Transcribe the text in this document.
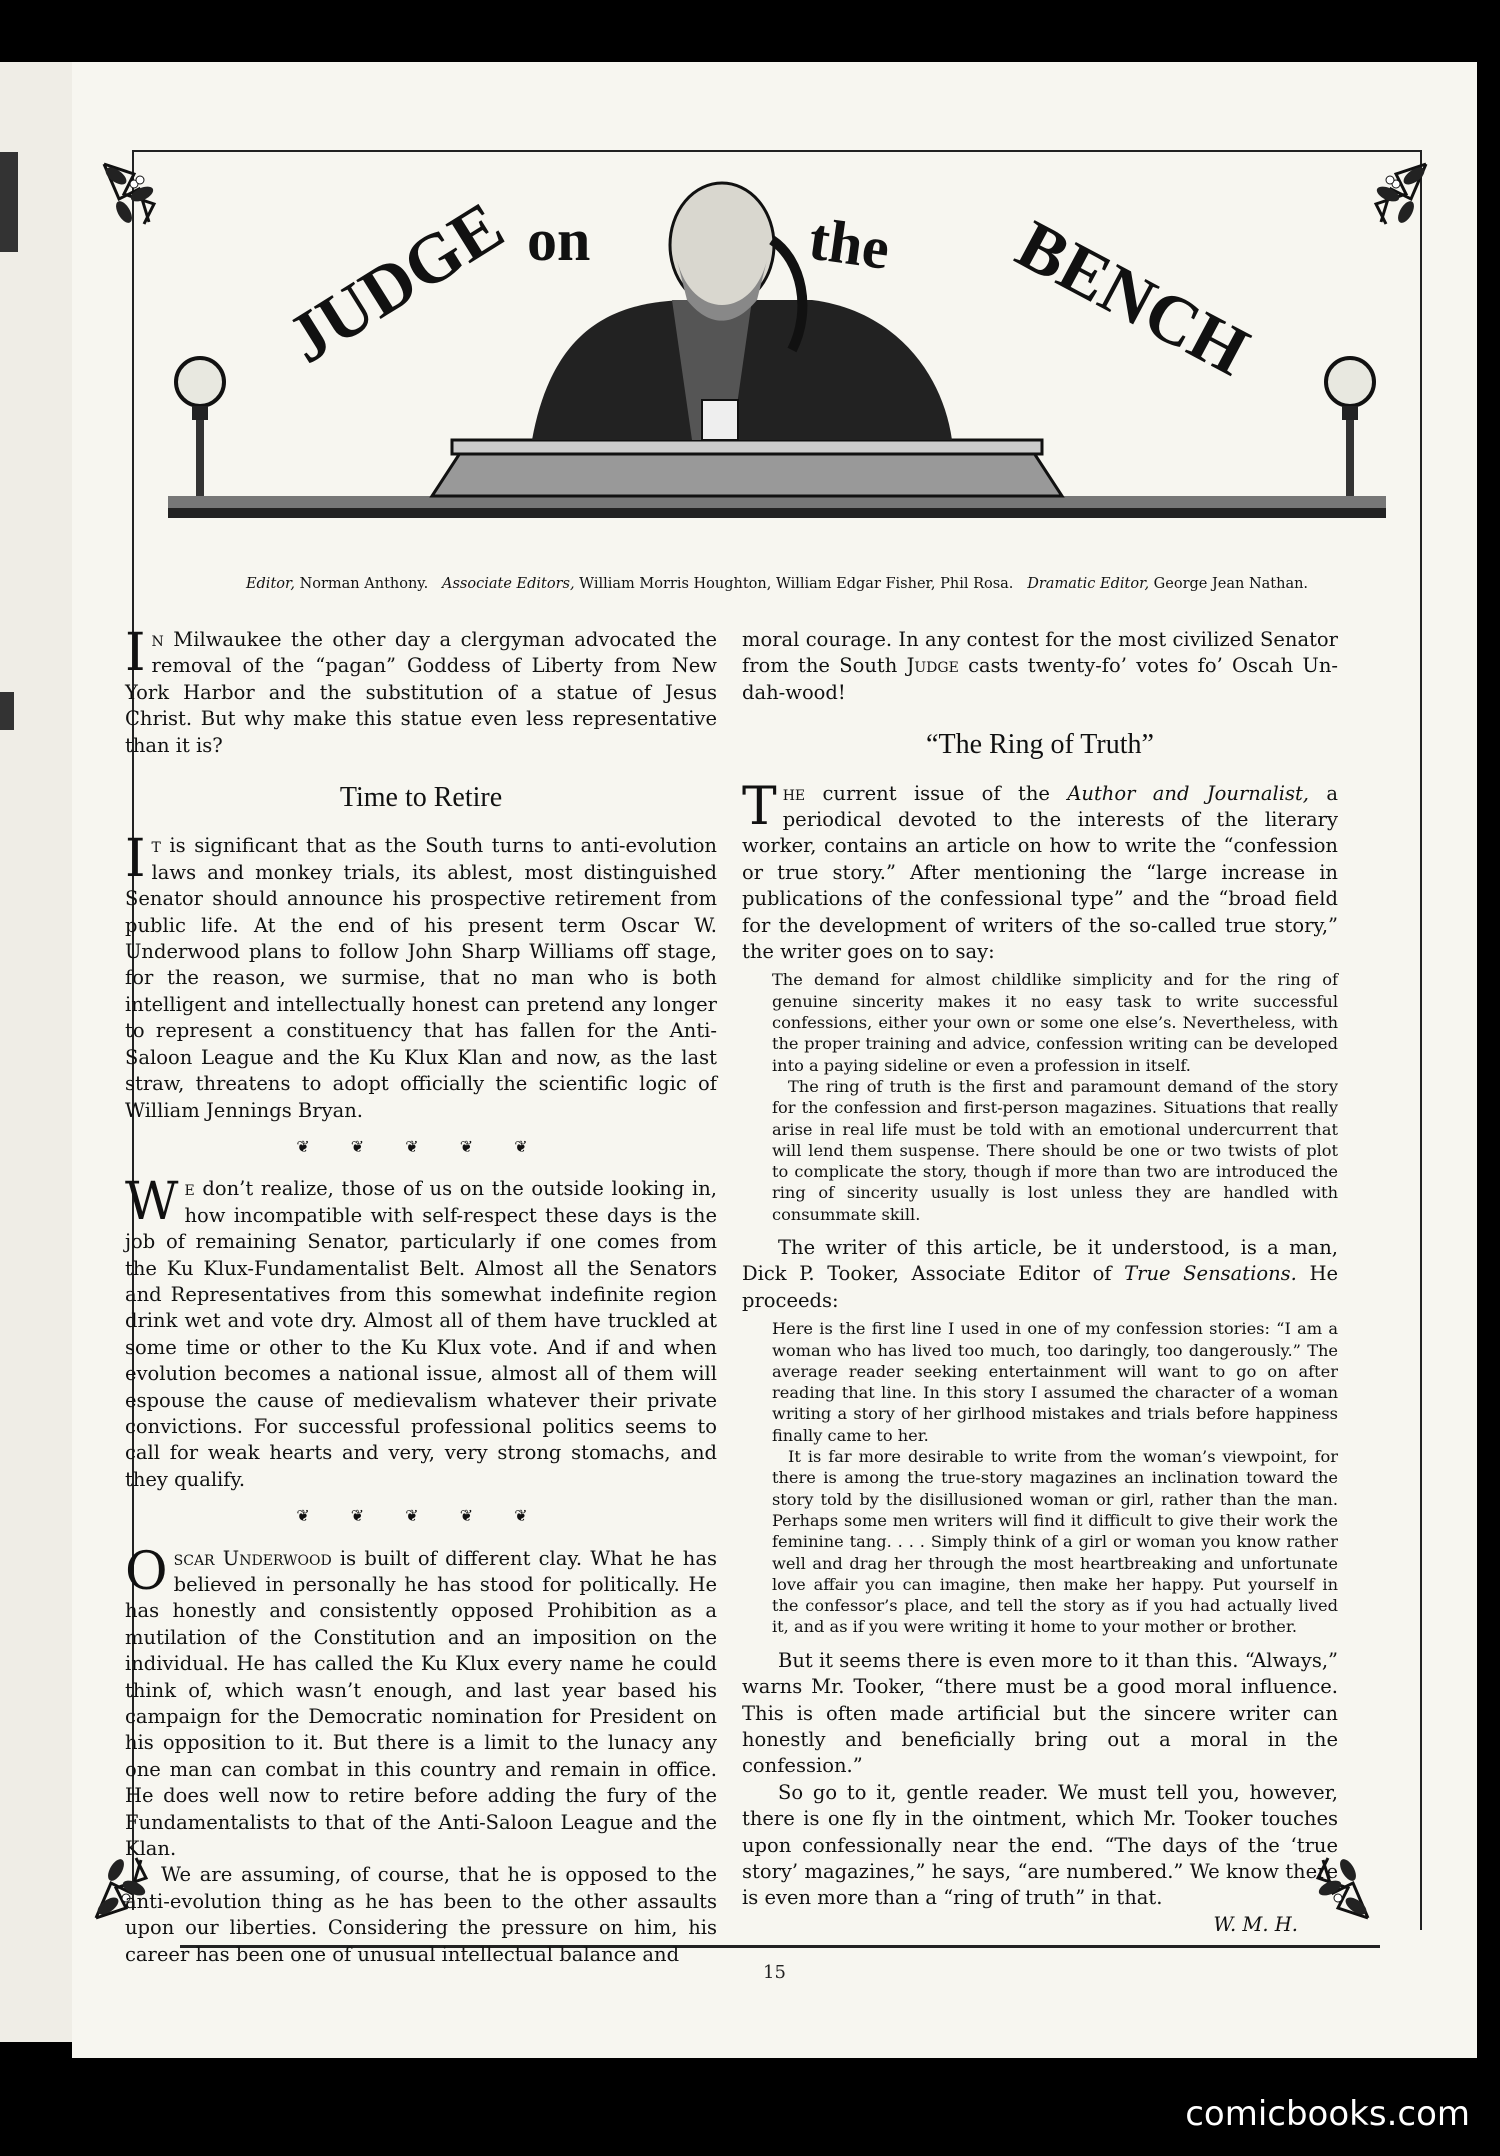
JUDGE on	the BENCH
Editor, Norman Anthony. Associate Editors, William Morris Houghton, William Edgar Fisher, Phil Rosa. Dramatic Editor, George Jean Nathan.

In Milwaukee the other day a clergyman advocated the removal of the “pagan” Goddess of Liberty from New York Harbor and the substitution of a statue of Jesus Christ. But why make this statue even less representative than it is?

Time to Retire

It is significant that as the South turns to anti-evolution laws and monkey trials, its ablest, most distinguished Senator should announce his prospective retirement from public life. At the end of his present term Oscar W. Underwood plans to follow John Sharp Williams off stage, for the reason, we surmise, that no man who is both intelligent and intellectually honest can pretend any longer to represent a constituency that has fallen for the Anti-Saloon League and the Ku Klux Klan and now, as the last straw, threatens to adopt officially the scientific logic of William Jennings Bryan.

❦ ❦ ❦ ❦ ❦

We don’t realize, those of us on the outside looking in, how incompatible with self-respect these days is the job of remaining Senator, particularly if one comes from the Ku Klux-Fundamentalist Belt. Almost all the Senators and Representatives from this somewhat indefinite region drink wet and vote dry. Almost all of them have truckled at some time or other to the Ku Klux vote. And if and when evolution becomes a national issue, almost all of them will espouse the cause of medievalism whatever their private convictions. For successful professional politics seems to call for weak hearts and very, very strong stomachs, and they qualify.

❦ ❦ ❦ ❦ ❦

Oscar Underwood is built of different clay. What he has believed in personally he has stood for politically. He has honestly and consistently opposed Prohibition as a mutilation of the Constitution and an imposition on the individual. He has called the Ku Klux every name he could think of, which wasn’t enough, and last year based his campaign for the Democratic nomination for President on his opposition to it. But there is a limit to the lunacy any one man can combat in this country and remain in office. He does well now to retire before adding the fury of the Fundamentalists to that of the Anti-Saloon League and the Klan.

We are assuming, of course, that he is opposed to the anti-evolution thing as he has been to the other assaults upon our liberties. Considering the pressure on him, his career has been one of unusual intellectual balance and

moral courage. In any contest for the most civilized Senator from the South Judge casts twenty-fo’ votes fo’ Oscah Un-dah-wood!

“The Ring of Truth”

The current issue of the Author and Journalist, a periodical devoted to the interests of the literary worker, contains an article on how to write the “confession or true story.” After mentioning the “large increase in publications of the confessional type” and the “broad field for the development of writers of the so-called true story,” the writer goes on to say:

The demand for almost childlike simplicity and for the ring of genuine sincerity makes it no easy task to write successful confessions, either your own or some one else’s. Nevertheless, with the proper training and advice, confession writing can be developed into a paying sideline or even a profession in itself.

The ring of truth is the first and paramount demand of the story for the confession and first-person magazines. Situations that really arise in real life must be told with an emotional undercurrent that will lend them suspense. There should be one or two twists of plot to complicate the story, though if more than two are introduced the ring of sincerity usually is lost unless they are handled with consummate skill.

The writer of this article, be it understood, is a man, Dick P. Tooker, Associate Editor of True Sensations. He proceeds:

Here is the first line I used in one of my confession stories: “I am a woman who has lived too much, too daringly, too dangerously.” The average reader seeking entertainment will want to go on after reading that line. In this story I assumed the character of a woman writing a story of her girlhood mistakes and trials before happiness finally came to her.

It is far more desirable to write from the woman’s viewpoint, for there is among the true-story magazines an inclination toward the story told by the disillusioned woman or girl, rather than the man. Perhaps some men writers will find it difficult to give their work the feminine tang. . . . Simply think of a girl or woman you know rather well and drag her through the most heartbreaking and unfortunate love affair you can imagine, then make her happy. Put yourself in the confessor’s place, and tell the story as if you had actually lived it, and as if you were writing it home to your mother or brother.

But it seems there is even more to it than this. “Always,” warns Mr. Tooker, “there must be a good moral influence. This is often made artificial but the sincere writer can honestly and beneficially bring out a moral in the confession.”

So go to it, gentle reader. We must tell you, however, there is one fly in the ointment, which Mr. Tooker touches upon confessionally near the end. “The days of the ‘true story’ magazines,” he says, “are numbered.” We know there is even more than a “ring of truth” in that.

W. M. H.

15
comicbooks.com
